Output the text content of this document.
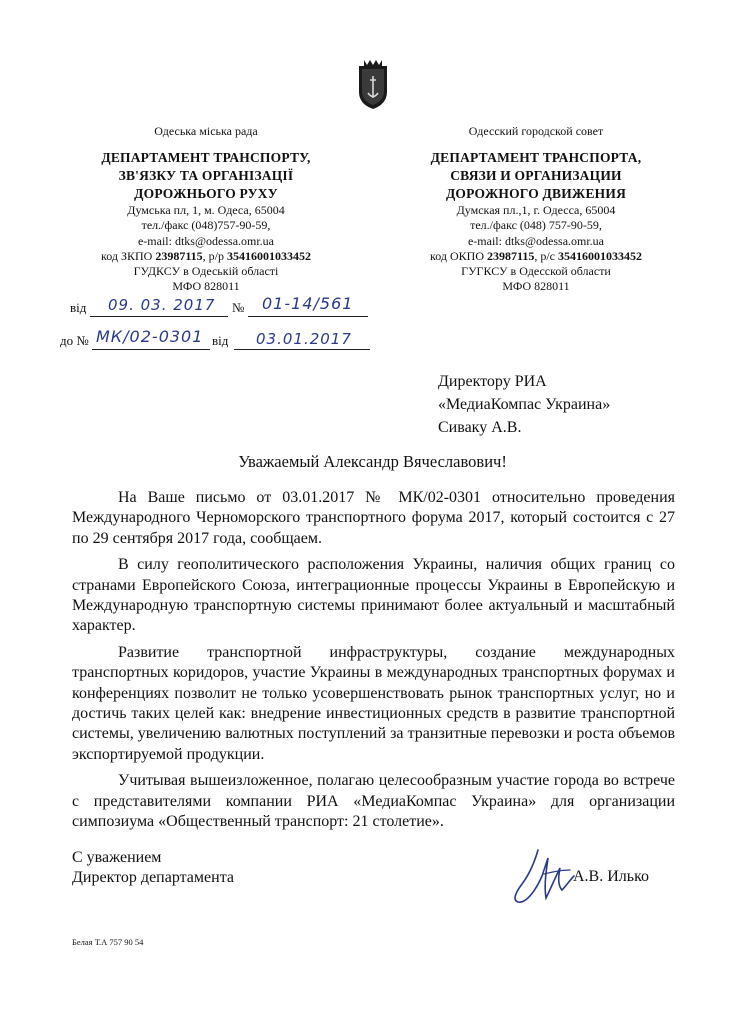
Одеська міська рада
ДЕПАРТАМЕНТ ТРАНСПОРТУ,
ЗВ'ЯЗКУ ТА ОРГАНІЗАЦІЇ
ДОРОЖНЬОГО РУХУ
Думська пл, 1, м. Одеса, 65004
тел./факс (048)757-90-59,
e-mail: dtks@odessa.omr.ua
код ЗКПО 23987115, р/р 35416001033452
ГУДКСУ в Одеській області
МФО 828011
Одесский городской совет
ДЕПАРТАМЕНТ ТРАНСПОРТА,
СВЯЗИ И ОРГАНИЗАЦИИ
ДОРОЖНОГО ДВИЖЕНИЯ
Думская пл.,1, г. Одесса, 65004
тел./факс (048) 757-90-59,
e-mail: dtks@odessa.omr.ua
код ОКПО 23987115, р/с 35416001033452
ГУГКСУ в Одесской области
МФО 828011
від 09. 03. 2017 № 01-14/561
до № МК/02-0301 від 03.01.2017
Директору РИА
«МедиаКомпас Украина»
Сиваку А.В.
Уважаемый Александр Вячеславович!

На Ваше письмо от 03.01.2017 № МК/02-0301 относительно проведения Международного Черноморского транспортного форума 2017, который состоится с 27 по 29 сентября 2017 года, сообщаем.

В силу геополитического расположения Украины, наличия общих границ со странами Европейского Союза, интеграционные процессы Украины в Европейскую и Международную транспортную системы принимают более актуальный и масштабный характер.

Развитие транспортной инфраструктуры, создание международных транспортных коридоров, участие Украины в международных транспортных форумах и конференциях позволит не только усовершенствовать рынок транспортных услуг, но и достичь таких целей как: внедрение инвестиционных средств в развитие транспортной системы, увеличению валютных поступлений за транзитные перевозки и роста объемов экспортируемой продукции.

Учитывая вышеизложенное, полагаю целесообразным участие города во встрече с представителями компании РИА «МедиаКомпас Украина» для организации симпозиума «Общественный транспорт: 21 столетие».

С уважением
Директор департамента	А.В. Илько
Белая Т.А 757 90 54
